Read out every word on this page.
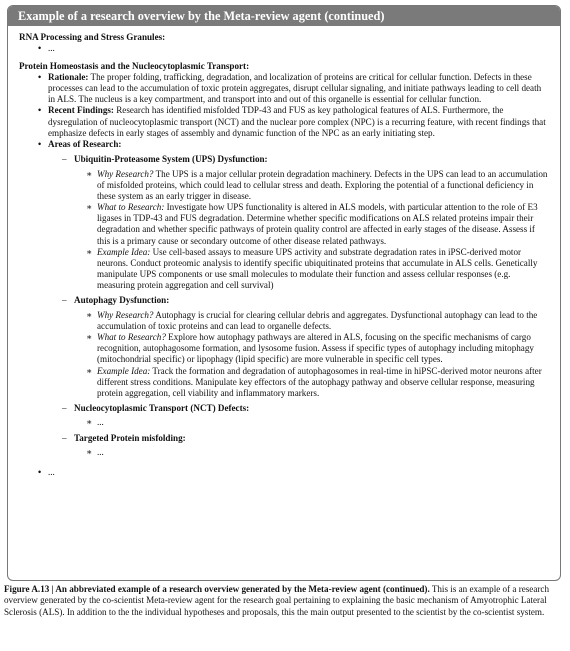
Example of a research overview by the Meta-review agent (continued)

RNA Processing and Stress Granules:

• ...

Protein Homeostasis and the Nucleocytoplasmic Transport:

• Rationale: The proper folding, trafficking, degradation, and localization of proteins are critical for cellular function. Defects in these processes can lead to the accumulation of toxic protein aggregates, disrupt cellular signaling, and initiate pathways leading to cell death in ALS. The nucleus is a key compartment, and transport into and out of this organelle is essential for cellular function.
• Recent Findings: Research has identified misfolded TDP-43 and FUS as key pathological features of ALS. Furthermore, the dysregulation of nucleocytoplasmic transport (NCT) and the nuclear pore complex (NPC) is a recurring feature, with recent findings that emphasize defects in early stages of assembly and dynamic function of the NPC as an early initiating step.
• Areas of Research:
– Ubiquitin-Proteasome System (UPS) Dysfunction:
∗ Why Research? The UPS is a major cellular protein degradation machinery. Defects in the UPS can lead to an accumulation of misfolded proteins, which could lead to cellular stress and death. Exploring the potential of a functional deficiency in these system as an early trigger in disease.
∗ What to Research: Investigate how UPS functionality is altered in ALS models, with particular attention to the role of E3 ligases in TDP-43 and FUS degradation. Determine whether specific modifications on ALS related proteins impair their degradation and whether specific pathways of protein quality control are affected in early stages of the disease. Assess if this is a primary cause or secondary outcome of other disease related pathways.
∗ Example Idea: Use cell-based assays to measure UPS activity and substrate degradation rates in iPSC-derived motor neurons. Conduct proteomic analysis to identify specific ubiquitinated proteins that accumulate in ALS cells. Genetically manipulate UPS components or use small molecules to modulate their function and assess cellular responses (e.g. measuring protein aggregation and cell survival)
– Autophagy Dysfunction:
∗ Why Research? Autophagy is crucial for clearing cellular debris and aggregates. Dysfunctional autophagy can lead to the accumulation of toxic proteins and can lead to organelle defects.
∗ What to Research? Explore how autophagy pathways are altered in ALS, focusing on the specific mechanisms of cargo recognition, autophagosome formation, and lysosome fusion. Assess if specific types of autophagy including mitophagy (mitochondrial specific) or lipophagy (lipid specific) are more vulnerable in specific cell types.
∗ Example Idea: Track the formation and degradation of autophagosomes in real-time in hiPSC-derived motor neurons after different stress conditions. Manipulate key effectors of the autophagy pathway and observe cellular response, measuring protein aggregation, cell viability and inflammatory markers.
– Nucleocytoplasmic Transport (NCT) Defects:
∗ ...
– Targeted Protein misfolding:
∗ ...
• ...
Figure A.13 | An abbreviated example of a research overview generated by the Meta-review agent (continued). This is an example of a research overview generated by the co-scientist Meta-review agent for the research goal pertaining to explaining the basic mechanism of Amyotrophic Lateral Sclerosis (ALS). In addition to the the individual hypotheses and proposals, this the main output presented to the scientist by the co-scientist system.
